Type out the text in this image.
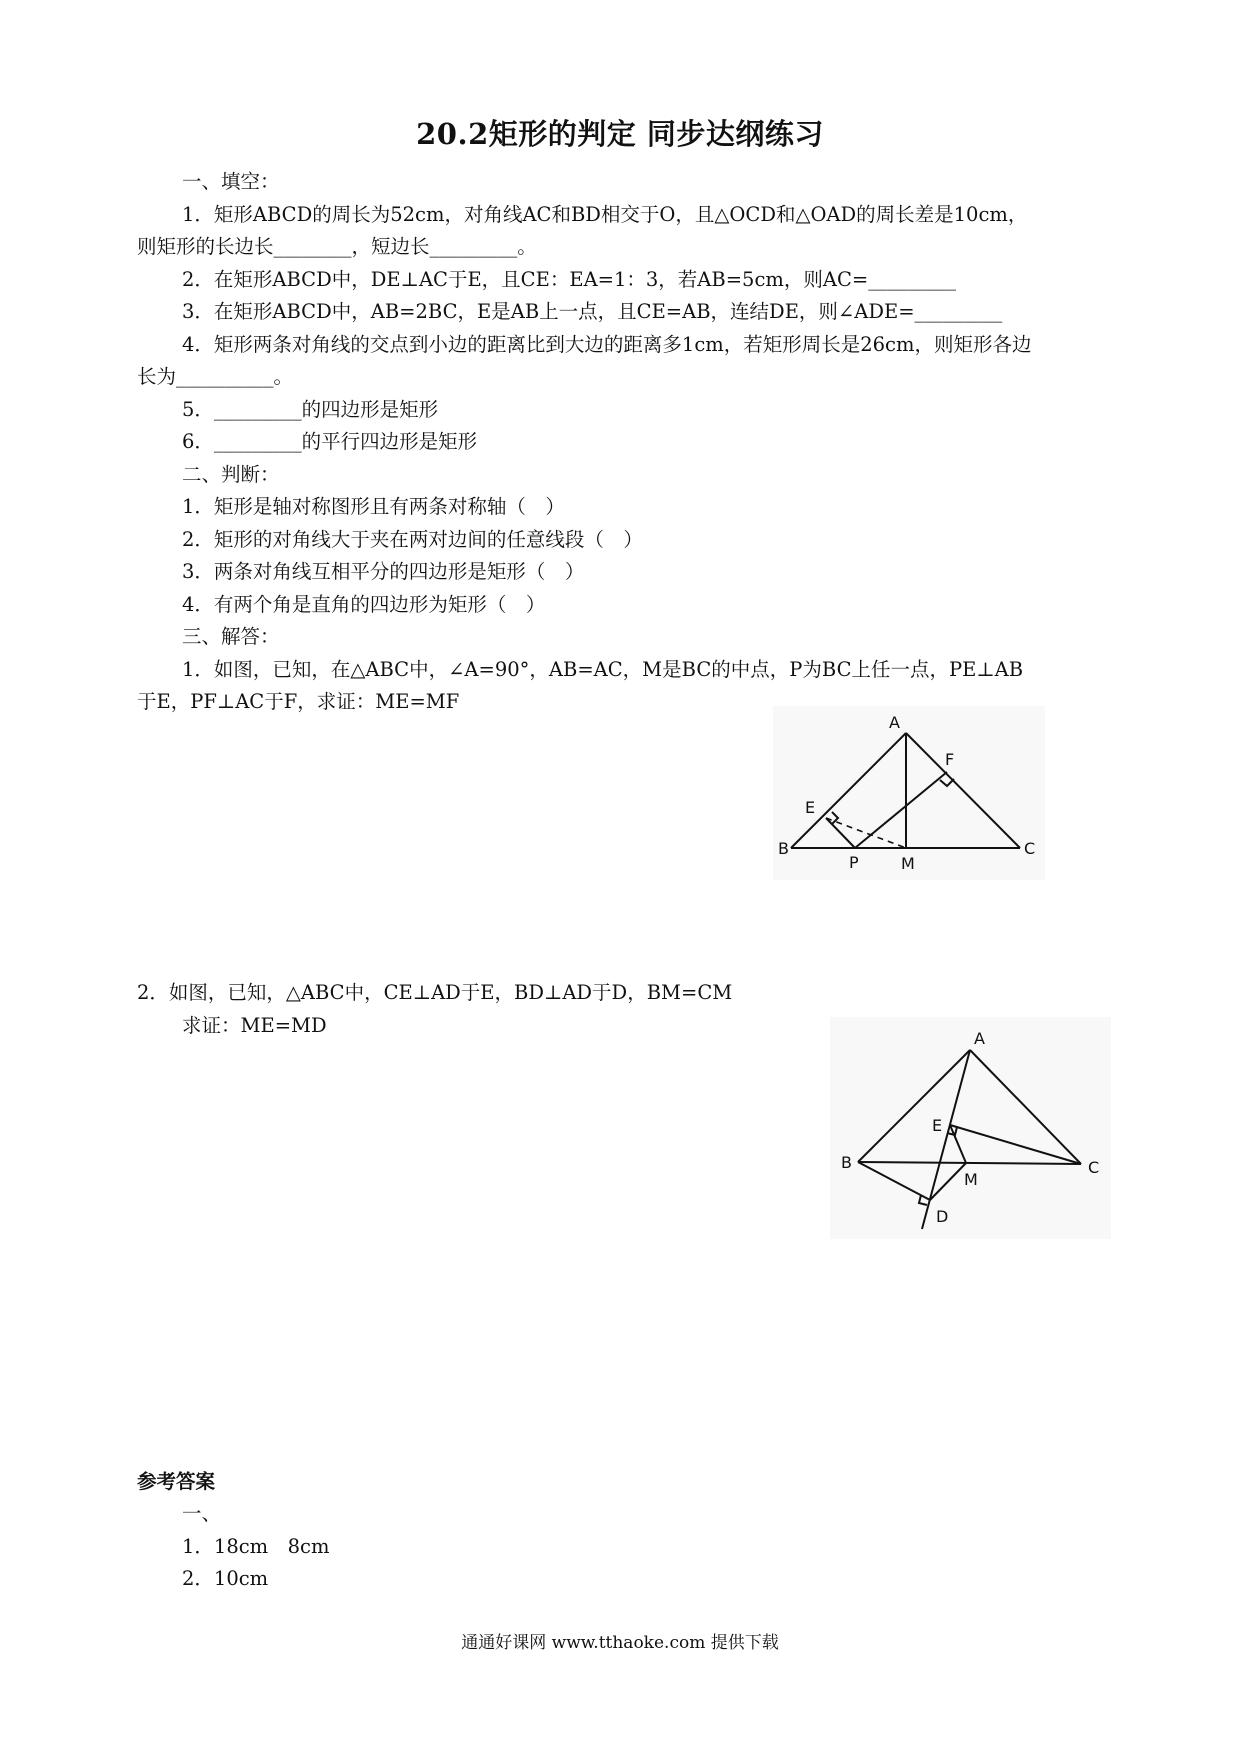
20.2矩形的判定 同步达纲练习
一、填空：
1．矩形ABCD的周长为52cm，对角线AC和BD相交于O，且△OCD和△OAD的周长差是10cm，
则矩形的长边长________，短边长_________。
2．在矩形ABCD中，DE⊥AC于E，且CE：EA=1：3，若AB=5cm，则AC=_________
3．在矩形ABCD中，AB=2BC，E是AB上一点，且CE=AB，连结DE，则∠ADE=_________
4．矩形两条对角线的交点到小边的距离比到大边的距离多1cm，若矩形周长是26cm，则矩形各边
长为__________。
5．_________的四边形是矩形
6．_________的平行四边形是矩形
二、判断：
1．矩形是轴对称图形且有两条对称轴（　）
2．矩形的对角线大于夹在两对边间的任意线段（　）
3．两条对角线互相平分的四边形是矩形（　）
4．有两个角是直角的四边形为矩形（　）
三、解答：
1．如图，已知，在△ABC中，∠A=90°，AB=AC，M是BC的中点，P为BC上任一点，PE⊥AB
于E，PF⊥AC于F，求证：ME=MF
A
B	C
E
F
P	M
2．如图，已知，△ABC中，CE⊥AD于E，BD⊥AD于D，BM=CM
求证：ME=MD
A
B	C
E
M
D
参考答案
一、
1．18cm　8cm
2．10cm
通通好课网 www.tthaoke.com 提供下载
